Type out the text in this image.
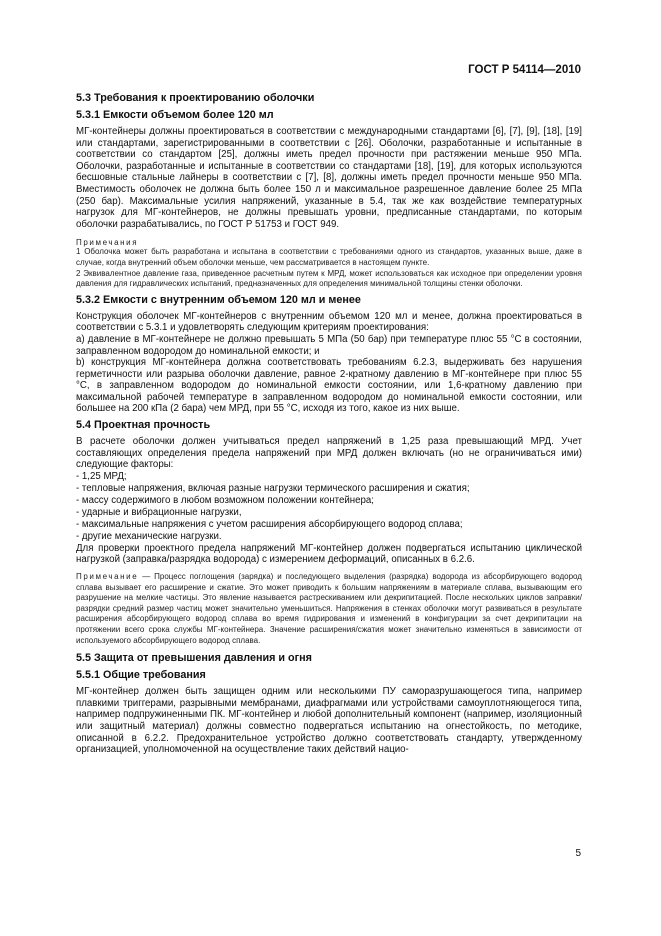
ГОСТ Р 54114—2010

5.3 Требования к проектированию оболочки

5.3.1 Емкости объемом более 120 мл

МГ-контейнеры должны проектироваться в соответствии с международными стандартами [6], [7], [9], [18], [19] или стандартами, зарегистрированными в соответствии с [26]. Оболочки, разработанные и испытанные в соответствии со стандартом [25], должны иметь предел прочности при растяжении меньше 950 МПа. Оболочки, разработанные и испытанные в соответствии со стандартами [18], [19], для которых используются бесшовные стальные лайнеры в соответствии с [7], [8], должны иметь предел прочности меньше 950 МПа. Вместимость оболочек не должна быть более 150 л и максимальное разрешенное давление более 25 МПа (250 бар). Максимальные усилия напряжений, указанные в 5.4, так же как воздействие температурных нагрузок для МГ-контейнеров, не должны превышать уровни, предписанные стандартами, по которым оболочки разрабатывались, по ГОСТ Р 51753 и ГОСТ 949.

Примечания

1 Оболочка может быть разработана и испытана в соответствии с требованиями одного из стандартов, указанных выше, даже в случае, когда внутренний объем оболочки меньше, чем рассматривается в настоящем пункте.

2 Эквивалентное давление газа, приведенное расчетным путем к МРД, может использоваться как исходное при определении уровня давления для гидравлических испытаний, предназначенных для определения минимальной толщины стенки оболочки.

5.3.2 Емкости с внутренним объемом 120 мл и менее

Конструкция оболочек МГ-контейнеров с внутренним объемом 120 мл и менее, должна проектироваться в соответствии с 5.3.1 и удовлетворять следующим критериям проектирования:

а) давление в МГ-контейнере не должно превышать 5 МПа (50 бар) при температуре плюс 55 °С в состоянии, заправленном водородом до номинальной емкости; и

b) конструкция МГ-контейнера должна соответствовать требованиям 6.2.3, выдерживать без нарушения герметичности или разрыва оболочки давление, равное 2-кратному давлению в МГ-контейнере при плюс 55 °С, в заправленном водородом до номинальной емкости состоянии, или 1,6-кратному давлению при максимальной рабочей температуре в заправленном водородом до номинальной емкости состоянии, или большее на 200 кПа (2 бара) чем МРД, при 55 °С, исходя из того, какое из них выше.

5.4 Проектная прочность

В расчете оболочки должен учитываться предел напряжений в 1,25 раза превышающий МРД. Учет составляющих определения предела напряжений при МРД должен включать (но не ограничиваться ими) следующие факторы:

- 1,25 МРД;
- тепловые напряжения, включая разные нагрузки термического расширения и сжатия;
- массу содержимого в любом возможном положении контейнера;
- ударные и вибрационные нагрузки,
- максимальные напряжения с учетом расширения абсорбирующего водород сплава;
- другие механические нагрузки.

Для проверки проектного предела напряжений МГ-контейнер должен подвергаться испытанию циклической нагрузкой (заправка/разрядка водорода) с измерением деформаций, описанных в 6.2.6.

Примечание — Процесс поглощения (зарядка) и последующего выделения (разрядка) водорода из абсорбирующего водород сплава вызывает его расширение и сжатие. Это может приводить к большим напряжениям в материале сплава, вызывающим его разрушение на мелкие частицы. Это явление называется растрескиванием или декрипитацией. После нескольких циклов заправки/разрядки средний размер частиц может значительно уменьшиться. Напряжения в стенках оболочки могут развиваться в результате расширения абсорбирующего водород сплава во время гидрирования и изменений в конфигурации за счет декрипитации на протяжении всего срока службы МГ-контейнера. Значение расширения/сжатия может значительно изменяться в зависимости от используемого абсорбирующего водород сплава.

5.5 Защита от превышения давления и огня

5.5.1 Общие требования

МГ-контейнер должен быть защищен одним или несколькими ПУ саморазрушающегося типа, например плавкими триггерами, разрывными мембранами, диафрагмами или устройствами самоуплотняющегося типа, например подпружиненными ПК. МГ-контейнер и любой дополнительный компонент (например, изоляционный или защитный материал) должны совместно подвергаться испытанию на огнестойкость, по методике, описанной в 6.2.2. Предохранительное устройство должно соответствовать стандарту, утвержденному организацией, уполномоченной на осуществление таких действий нацио-

5
